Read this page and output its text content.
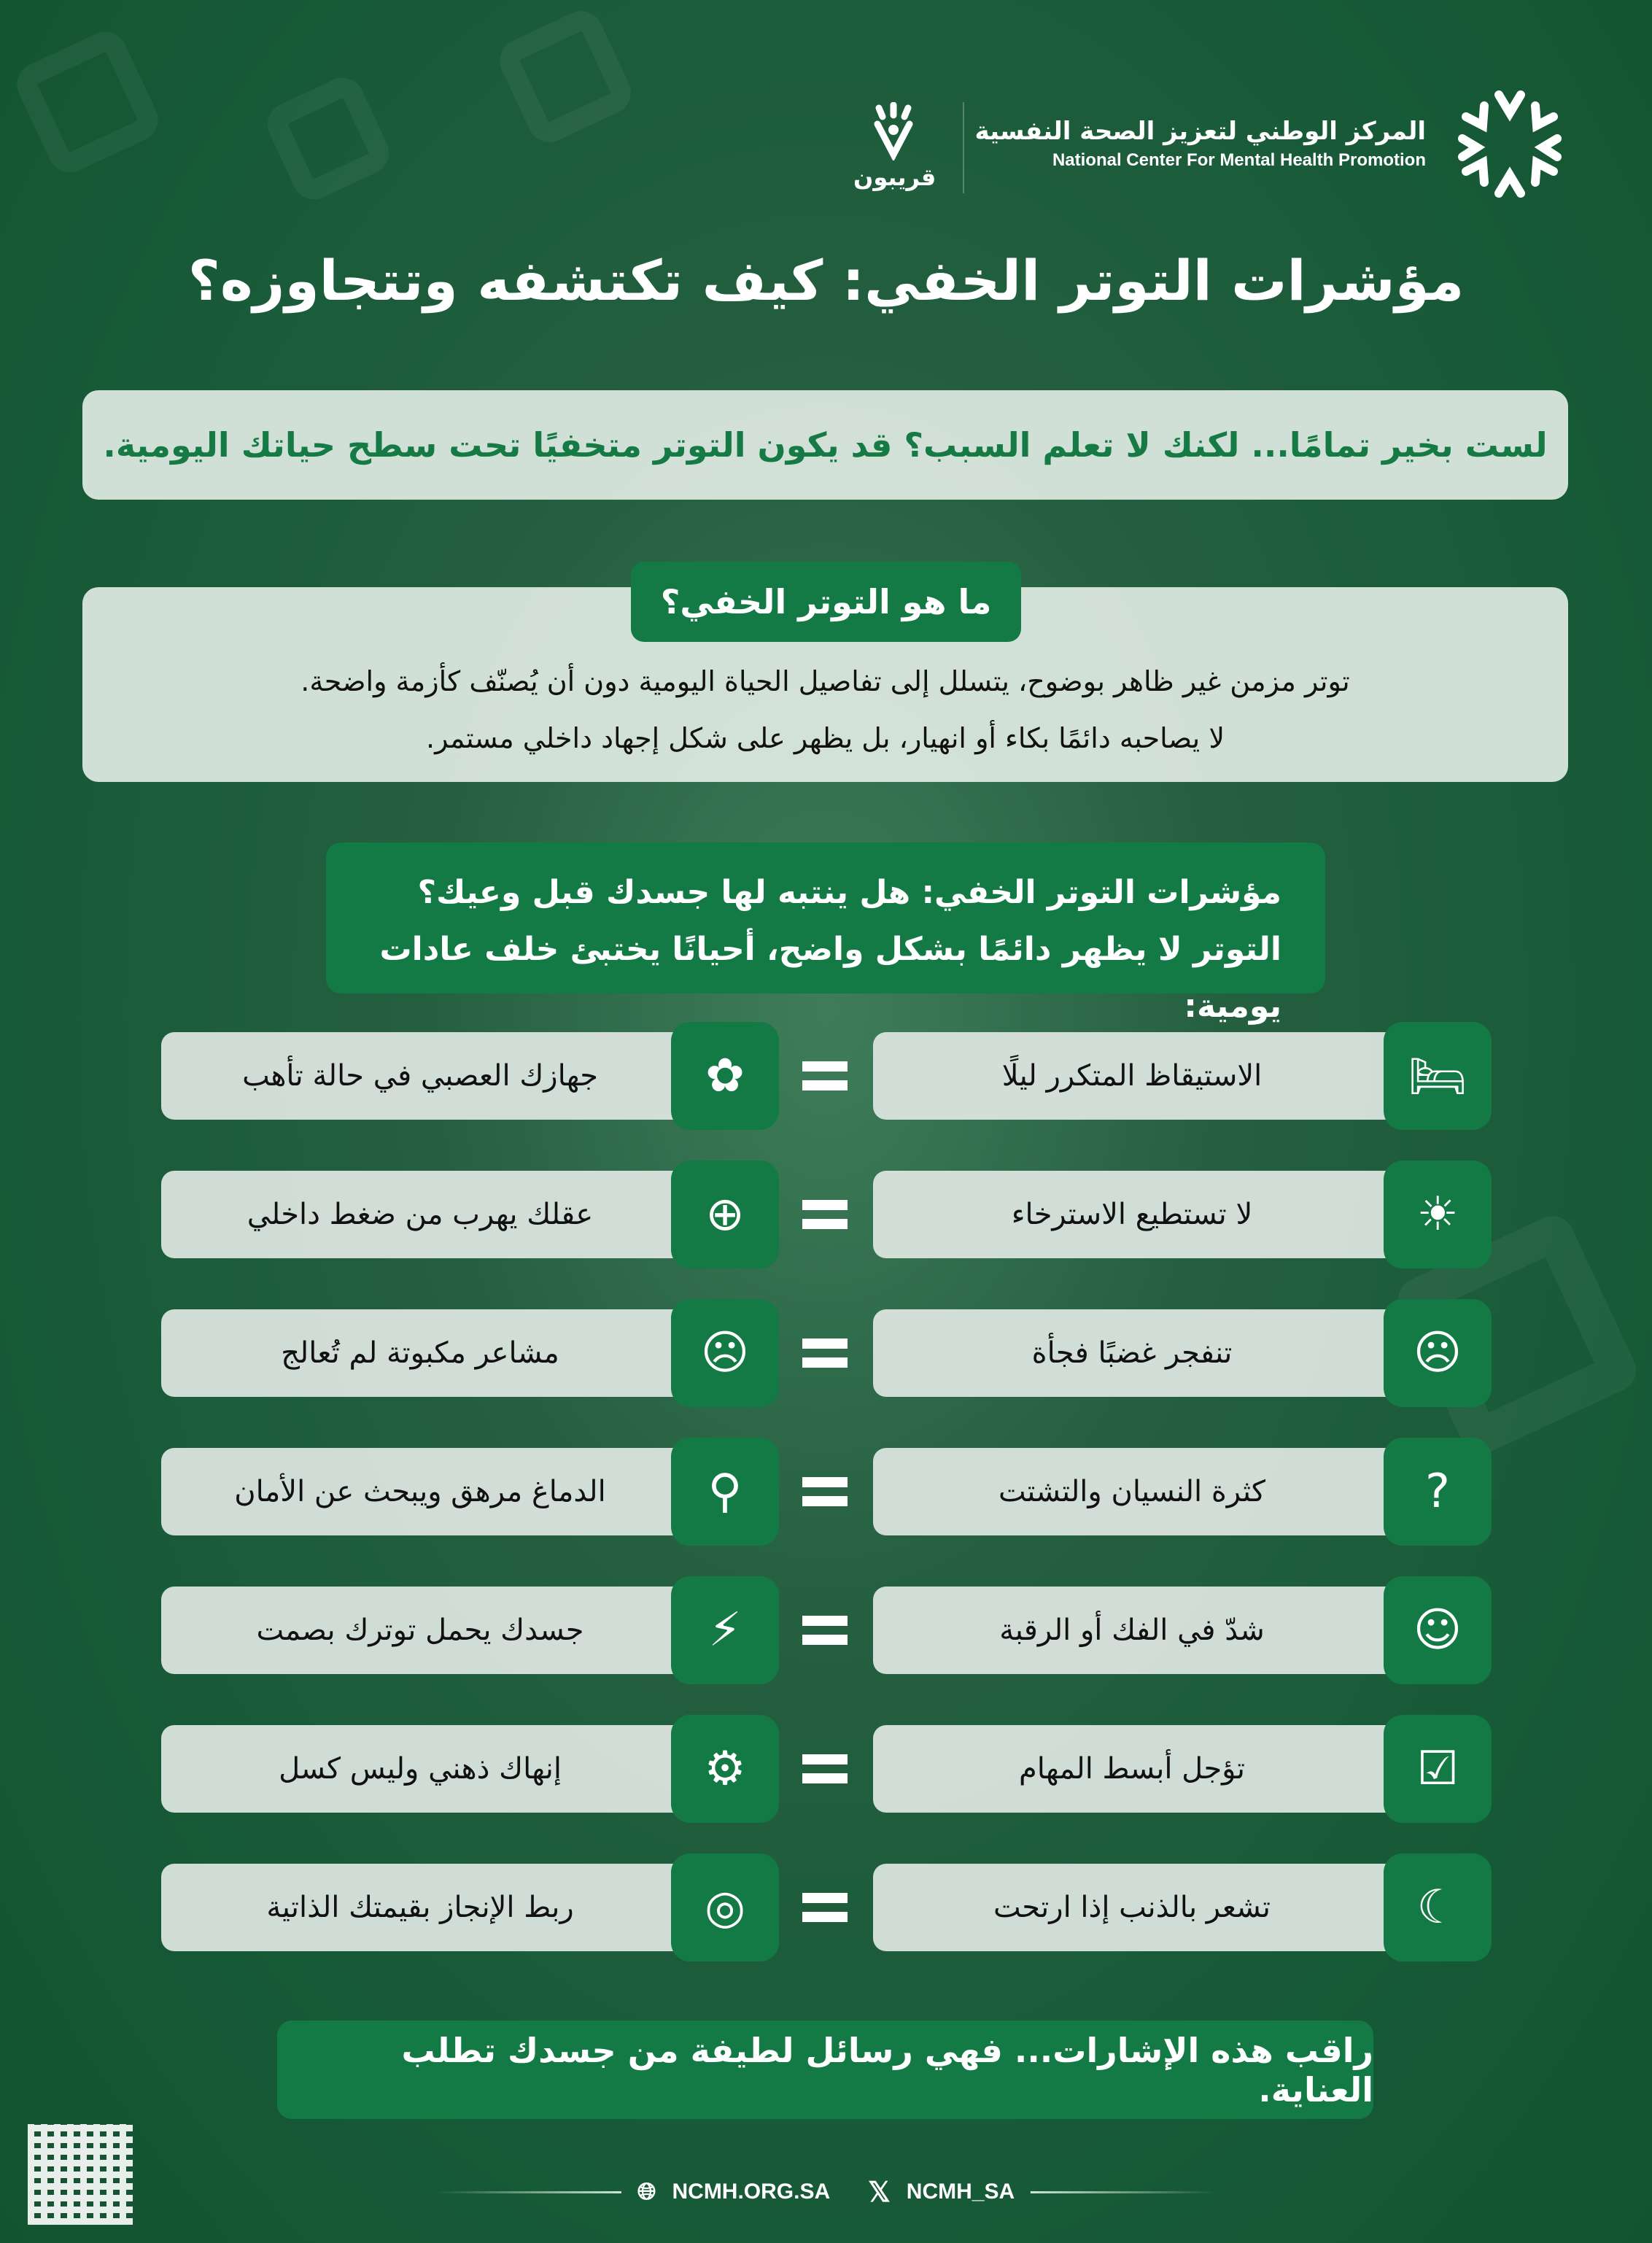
المركز الوطني لتعزيز الصحة النفسية
National Center For Mental Health Promotion
قريبون
مؤشرات التوتر الخفي: كيف تكتشفه وتتجاوزه؟
لست بخير تمامًا... لكنك لا تعلم السبب؟ قد يكون التوتر متخفيًا تحت سطح حياتك اليومية.
توتر مزمن غير ظاهر بوضوح، يتسلل إلى تفاصيل الحياة اليومية دون أن يُصنّف كأزمة واضحة.
لا يصاحبه دائمًا بكاء أو انهيار، بل يظهر على شكل إجهاد داخلي مستمر.
ما هو التوتر الخفي؟
مؤشرات التوتر الخفي: هل ينتبه لها جسدك قبل وعيك؟
التوتر لا يظهر دائمًا بشكل واضح، أحيانًا يختبئ خلف عادات يومية:
الاستيقاظ المتكرر ليلًا	🛏︎
جهازك العصبي في حالة تأهب	✿︎
لا تستطيع الاسترخاء	☀︎
عقلك يهرب من ضغط داخلي	⊕︎
تنفجر غضبًا فجأة	☹︎
مشاعر مكبوتة لم تُعالج	☹︎
كثرة النسيان والتشتت	?
الدماغ مرهق ويبحث عن الأمان	⚲︎
شدّ في الفك أو الرقبة	☺︎
جسدك يحمل توترك بصمت	⚡︎
تؤجل أبسط المهام	☑︎
إنهاك ذهني وليس كسل	⚙︎
تشعر بالذنب إذا ارتحت	☾︎
ربط الإنجاز بقيمتك الذاتية	◎︎
راقب هذه الإشارات... فهي رسائل لطيفة من جسدك تطلب العناية.
🌐︎ NCMH.ORG.SA 𝕏 NCMH_SA
